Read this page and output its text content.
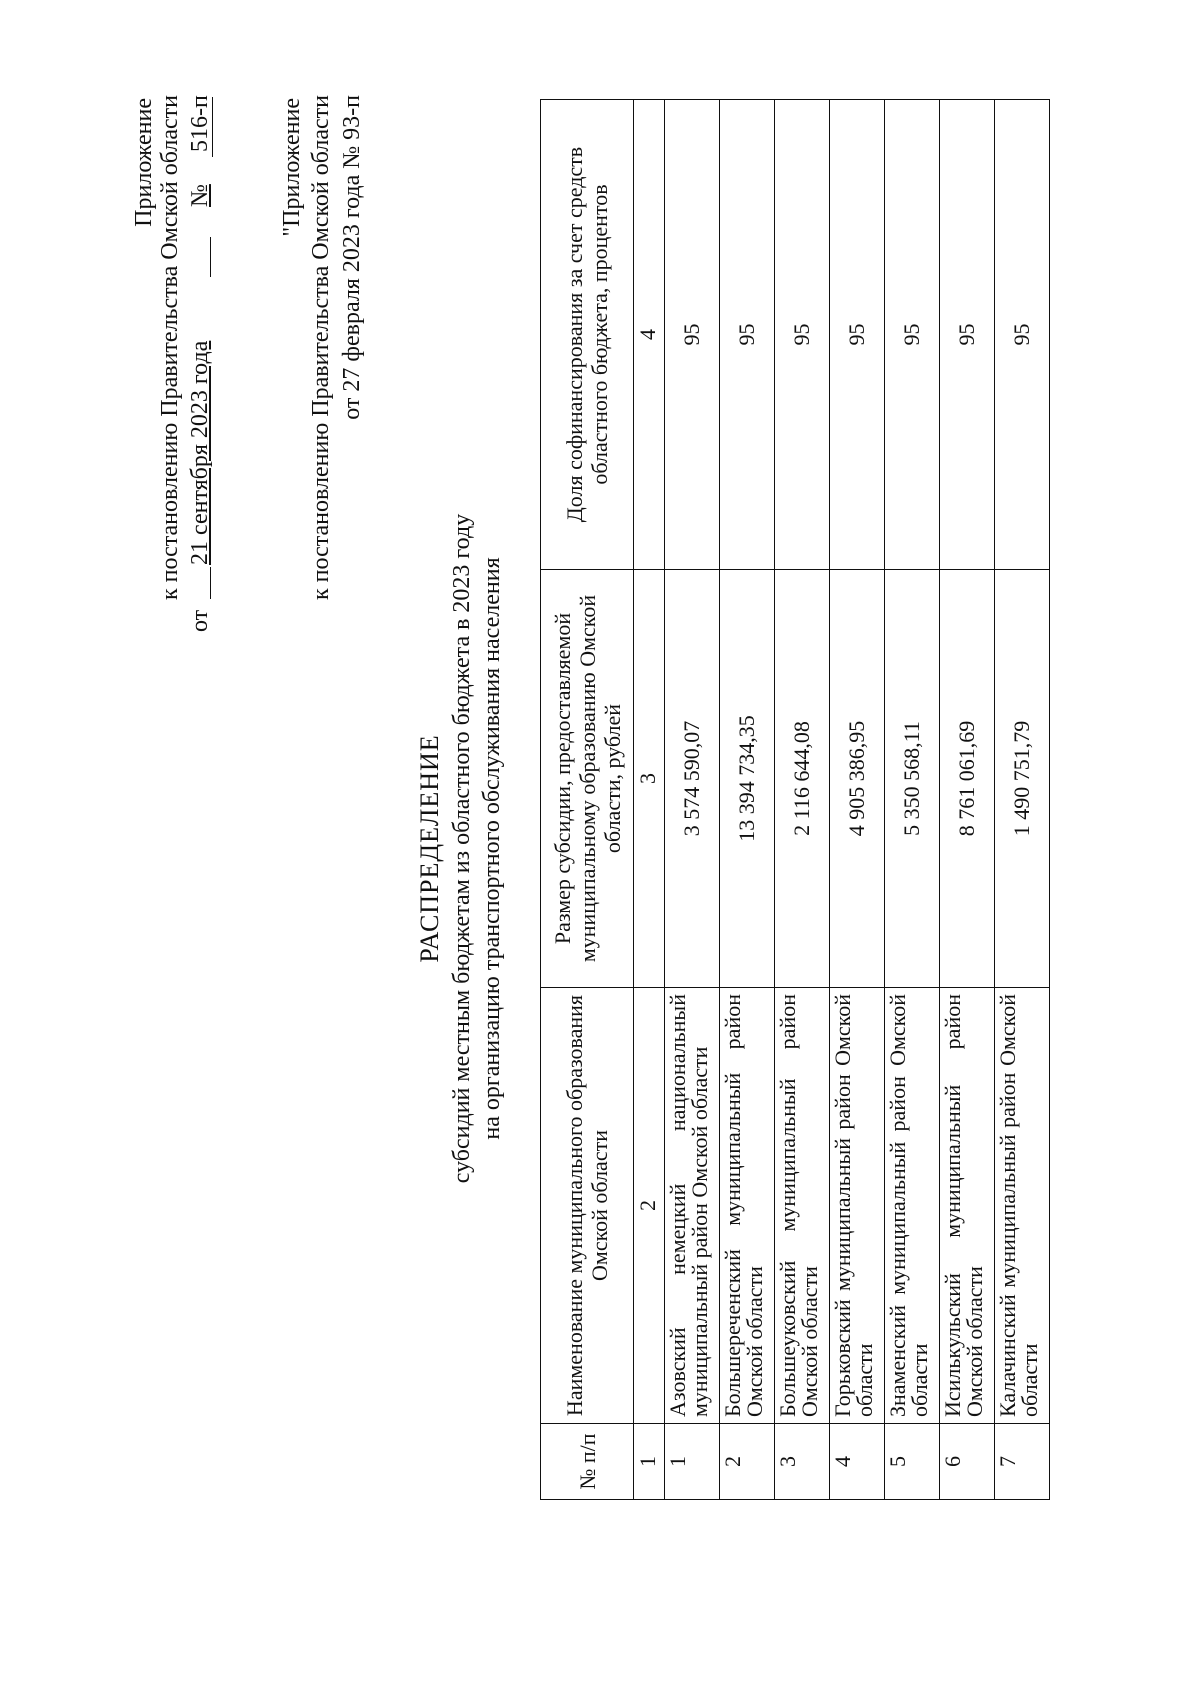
Приложение к постановлению Правительства Омской области
от
21 сентября 2023 года
№
516-п	"Приложение к постановлению Правительства Омской области от 27 февраля 2023 года № 93-п
РАСПРЕДЕЛЕНИЕ субсидий местным бюджетам из областного бюджета в 2023 году на организацию транспортного обслуживания населения
№ п/п	Наименование муниципального образования Омской области	Размер субсидии, предоставляемой муниципальному образованию Омской области, рублей	Доля софинансирования за счет средств областного бюджета, процентов
1	2	3	4
1	Азовский немецкий национальный муниципальный район Омской области	3 574 590,07	95
2	Большереченский муниципальный район Омской области	13 394 734,35	95
3	Большеуковский муниципальный район Омской области	2 116 644,08	95
4	Горьковский муниципальный район Омской области	4 905 386,95	95
5	Знаменский муниципальный район Омской области	5 350 568,11	95
6	Исилькульский муниципальный район Омской области	8 761 061,69	95
7	Калачинский муниципальный район Омской области	1 490 751,79	95
